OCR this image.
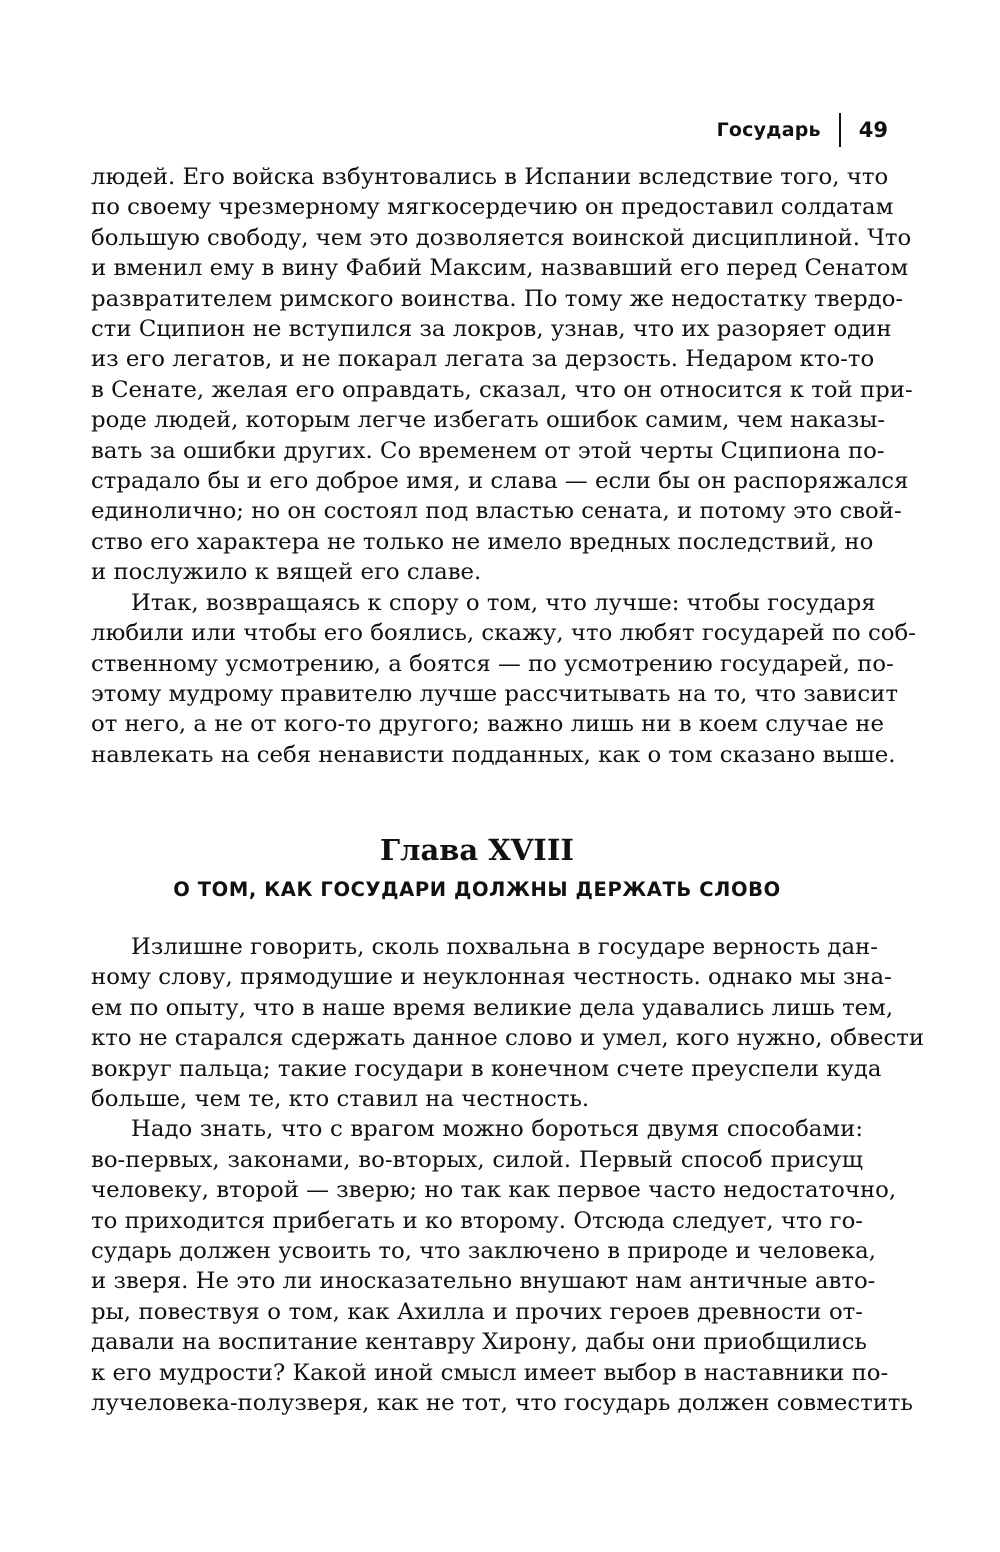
Государь 49
людей. Его войска взбунтовались в Испании вследствие того, что
по своему чрезмерному мягкосердечию он предоставил солдатам
большую свободу, чем это дозволяется воинской дисциплиной. Что
и вменил ему в вину Фабий Максим, назвавший его перед Сенатом
развратителем римского воинства. По тому же недостатку твердо-
сти Сципион не вступился за локров, узнав, что их разоряет один
из его легатов, и не покарал легата за дерзость. Недаром кто-то
в Сенате, желая его оправдать, сказал, что он относится к той при-
роде людей, которым легче избегать ошибок самим, чем наказы-
вать за ошибки других. Со временем от этой черты Сципиона по-
страдало бы и его доброе имя, и слава — если бы он распоряжался
единолично; но он состоял под властью сената, и потому это свой-
ство его характера не только не имело вредных последствий, но
и послужило к вящей его славе.
Итак, возвращаясь к спору о том, что лучше: чтобы государя
любили или чтобы его боялись, скажу, что любят государей по соб-
ственному усмотрению, а боятся — по усмотрению государей, по-
этому мудрому правителю лучше рассчитывать на то, что зависит
от него, а не от кого-то другого; важно лишь ни в коем случае не
навлекать на себя ненависти подданных, как о том сказано выше.
Глава XVIII
О ТОМ, КАК ГОСУДАРИ ДОЛЖНЫ ДЕРЖАТЬ СЛОВО
Излишне говорить, сколь похвальна в государе верность дан-
ному слову, прямодушие и неуклонная честность. однако мы зна-
ем по опыту, что в наше время великие дела удавались лишь тем,
кто не старался сдержать данное слово и умел, кого нужно, обвести
вокруг пальца; такие государи в конечном счете преуспели куда
больше, чем те, кто ставил на честность.
Надо знать, что с врагом можно бороться двумя способами:
во-первых, законами, во-вторых, силой. Первый способ присущ
человеку, второй — зверю; но так как первое часто недостаточно,
то приходится прибегать и ко второму. Отсюда следует, что го-
сударь должен усвоить то, что заключено в природе и человека,
и зверя. Не это ли иносказательно внушают нам античные авто-
ры, повествуя о том, как Ахилла и прочих героев древности от-
давали на воспитание кентавру Хирону, дабы они приобщились
к его мудрости? Какой иной смысл имеет выбор в наставники по-
лучеловека-полузверя, как не тот, что государь должен совместить
